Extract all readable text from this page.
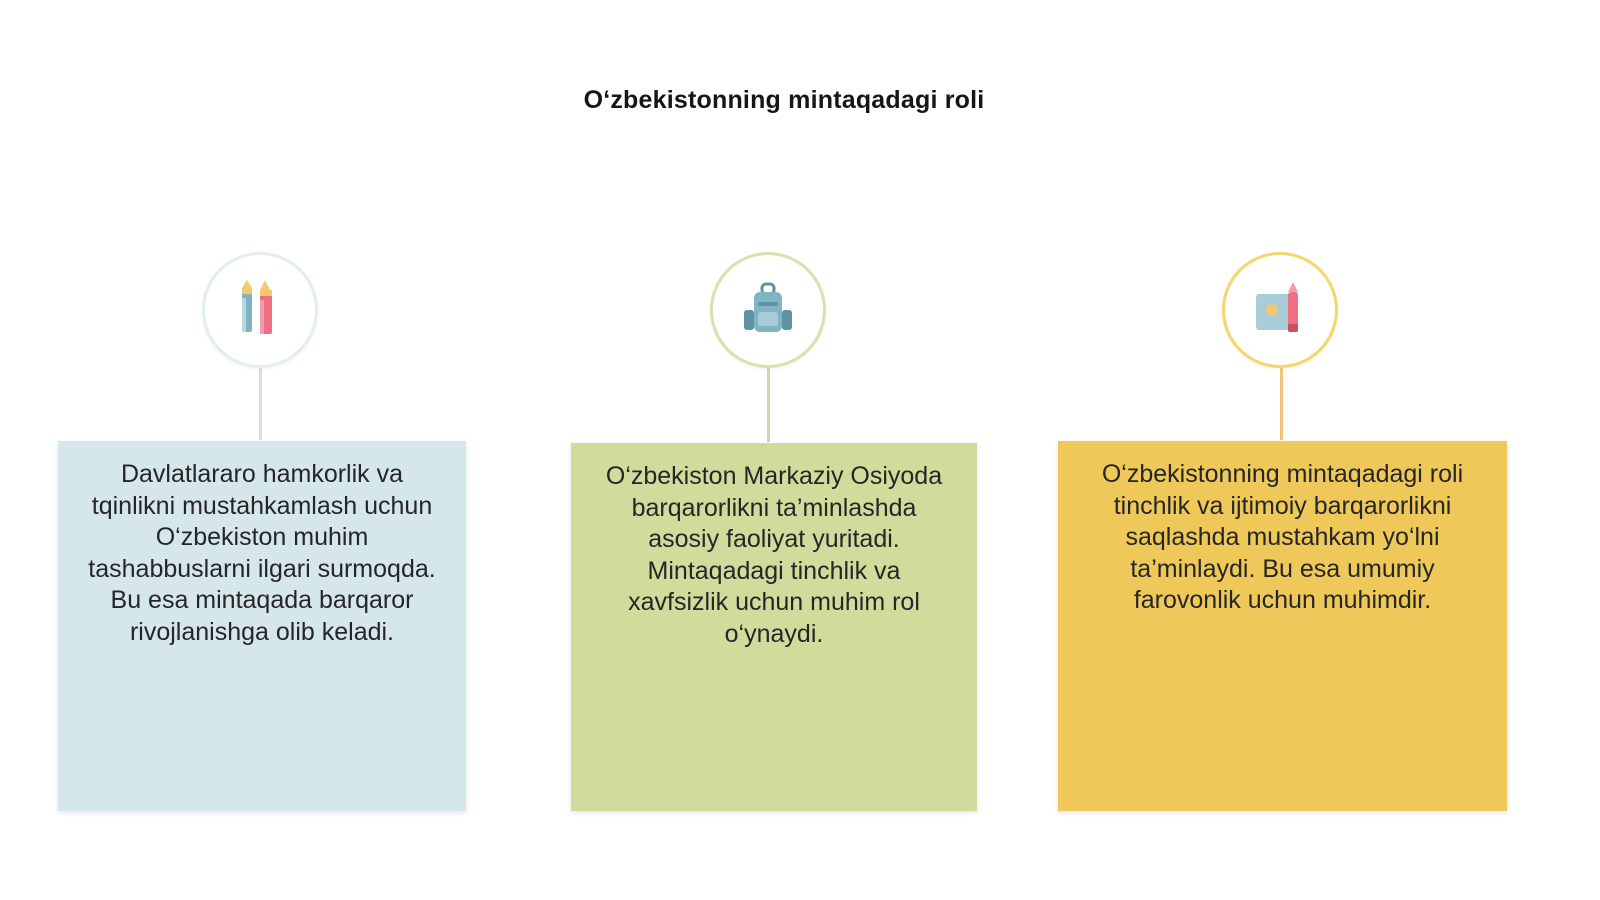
O‘zbekistonning mintaqadagi roli
Davlatlararo hamkorlik va tqinlikni mustahkamlash uchun O‘zbekiston muhim tashabbuslarni ilgari surmoqda. Bu esa mintaqada barqaror rivojlanishga olib keladi.
O‘zbekiston Markaziy Osiyoda barqarorlikni ta’minlashda asosiy faoliyat yuritadi. Mintaqadagi tinchlik va xavfsizlik uchun muhim rol o‘ynaydi.
O‘zbekistonning mintaqadagi roli tinchlik va ijtimoiy barqarorlikni saqlashda mustahkam yo‘lni ta’minlaydi. Bu esa umumiy farovonlik uchun muhimdir.
